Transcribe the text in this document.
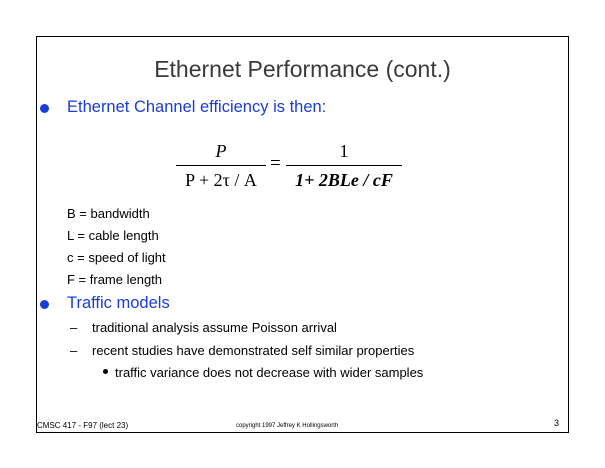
Ethernet Performance (cont.)
Ethernet Channel efficiency is then:
P
P + 2τ / A
=
1
1+ 2BLe / cF
B = bandwidth
L = cable length
c = speed of light
F = frame length
Traffic models
– traditional analysis assume Poisson arrival
– recent studies have demonstrated self similar properties
traffic variance does not decrease with wider samples
CMSC 417 - F97 (lect 23)	copyright 1997 Jeffrey K Hollingsworth	3
